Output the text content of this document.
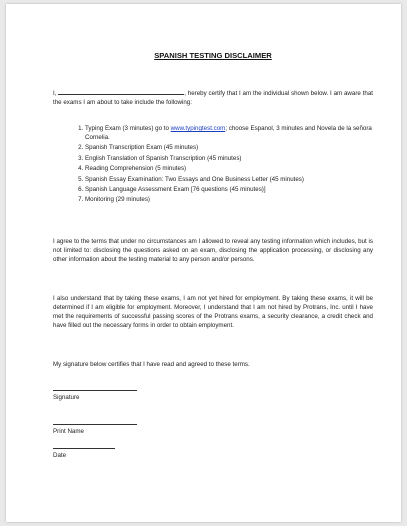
SPANISH TESTING DISCLAIMER
I,	, hereby certify that I am the individual shown below. I am aware that the exams I am about to take include the following:
1. Typing Exam (3 minutes) go to www.typingtest.com; choose Espanol, 3 minutes and Novela de la señora Cornelia.
2. Spanish Transcription Exam (45 minutes)
3. English Translation of Spanish Transcription (45 minutes)
4. Reading Comprehension (5 minutes)
5. Spanish Essay Examination: Two Essays and One Business Letter (45 minutes)
6. Spanish Language Assessment Exam [76 questions (45 minutes)]
7. Monitoring (29 minutes)
I agree to the terms that under no circumstances am I allowed to reveal any testing information which includes, but is not limited to: disclosing the questions asked on an exam, disclosing the application processing, or disclosing any other information about the testing material to any person and/or persons.
I also understand that by taking these exams, I am not yet hired for employment. By taking these exams, it will be determined if I am eligible for employment. Moreover, I understand that I am not hired by Protrans, Inc. until I have met the requirements of successful passing scores of the Protrans exams, a security clearance, a credit check and have filled out the necessary forms in order to obtain employment.
My signature below certifies that I have read and agreed to these terms.
Signature
Print Name
Date
